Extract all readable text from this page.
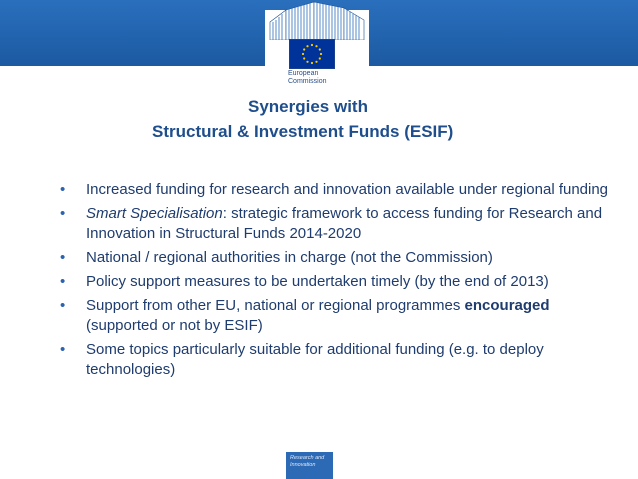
European
Commission
Synergies with
Structural & Investment Funds (ESIF)
• Increased funding for research and innovation available under regional funding
• Smart Specialisation: strategic framework to access funding for Research and Innovation in Structural Funds 2014-2020
• National / regional authorities in charge (not the Commission)
• Policy support measures to be undertaken timely (by the end of 2013)
• Support from other EU, national or regional programmes encouraged (supported or not by ESIF)
• Some topics particularly suitable for additional funding (e.g. to deploy technologies)
Research and
Innovation
